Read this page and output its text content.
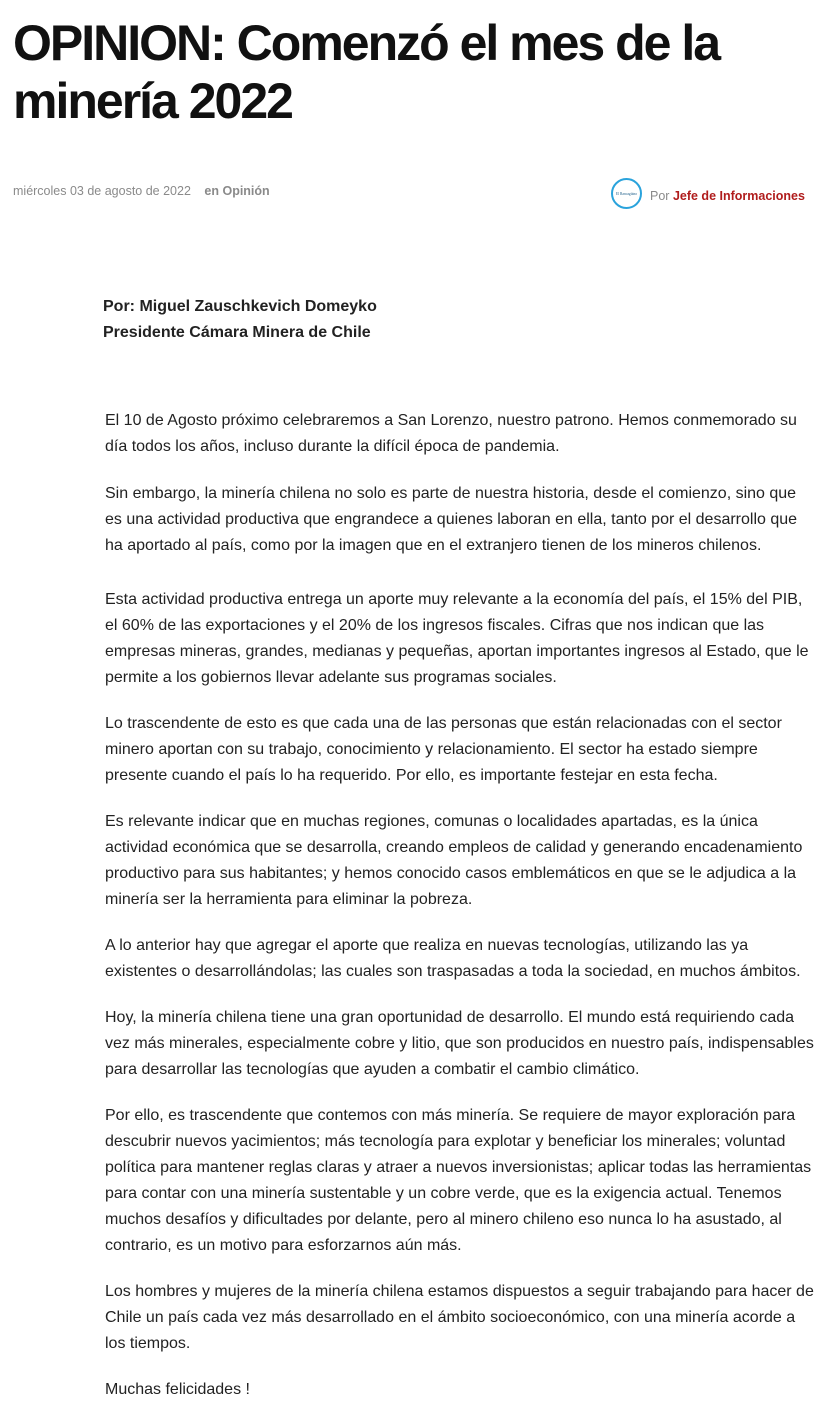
OPINION: Comenzó el mes de la minería 2022
miércoles 03 de agosto de 2022 en Opinión	El Rancagüino Por Jefe de Informaciones
Por: Miguel Zauschkevich Domeyko
Presidente Cámara Minera de Chile

El 10 de Agosto próximo celebraremos a San Lorenzo, nuestro patrono. Hemos conmemorado su día todos los años, incluso durante la difícil época de pandemia.

Sin embargo, la minería chilena no solo es parte de nuestra historia, desde el comienzo, sino que es una actividad productiva que engrandece a quienes laboran en ella, tanto por el desarrollo que ha aportado al país, como por la imagen que en el extranjero tienen de los mineros chilenos.

Esta actividad productiva entrega un aporte muy relevante a la economía del país, el 15% del PIB, el 60% de las exportaciones y el 20% de los ingresos fiscales. Cifras que nos indican que las empresas mineras, grandes, medianas y pequeñas, aportan importantes ingresos al Estado, que le permite a los gobiernos llevar adelante sus programas sociales.

Lo trascendente de esto es que cada una de las personas que están relacionadas con el sector minero aportan con su trabajo, conocimiento y relacionamiento. El sector ha estado siempre presente cuando el país lo ha requerido. Por ello, es importante festejar en esta fecha.

Es relevante indicar que en muchas regiones, comunas o localidades apartadas, es la única actividad económica que se desarrolla, creando empleos de calidad y generando encadenamiento productivo para sus habitantes; y hemos conocido casos emblemáticos en que se le adjudica a la minería ser la herramienta para eliminar la pobreza.

A lo anterior hay que agregar el aporte que realiza en nuevas tecnologías, utilizando las ya existentes o desarrollándolas; las cuales son traspasadas a toda la sociedad, en muchos ámbitos.

Hoy, la minería chilena tiene una gran oportunidad de desarrollo. El mundo está requiriendo cada vez más minerales, especialmente cobre y litio, que son producidos en nuestro país, indispensables para desarrollar las tecnologías que ayuden a combatir el cambio climático.

Por ello, es trascendente que contemos con más minería. Se requiere de mayor exploración para descubrir nuevos yacimientos; más tecnología para explotar y beneficiar los minerales; voluntad política para mantener reglas claras y atraer a nuevos inversionistas; aplicar todas las herramientas para contar con una minería sustentable y un cobre verde, que es la exigencia actual. Tenemos muchos desafíos y dificultades por delante, pero al minero chileno eso nunca lo ha asustado, al contrario, es un motivo para esforzarnos aún más.

Los hombres y mujeres de la minería chilena estamos dispuestos a seguir trabajando para hacer de Chile un país cada vez más desarrollado en el ámbito socioeconómico, con una minería acorde a los tiempos.

Muchas felicidades !
